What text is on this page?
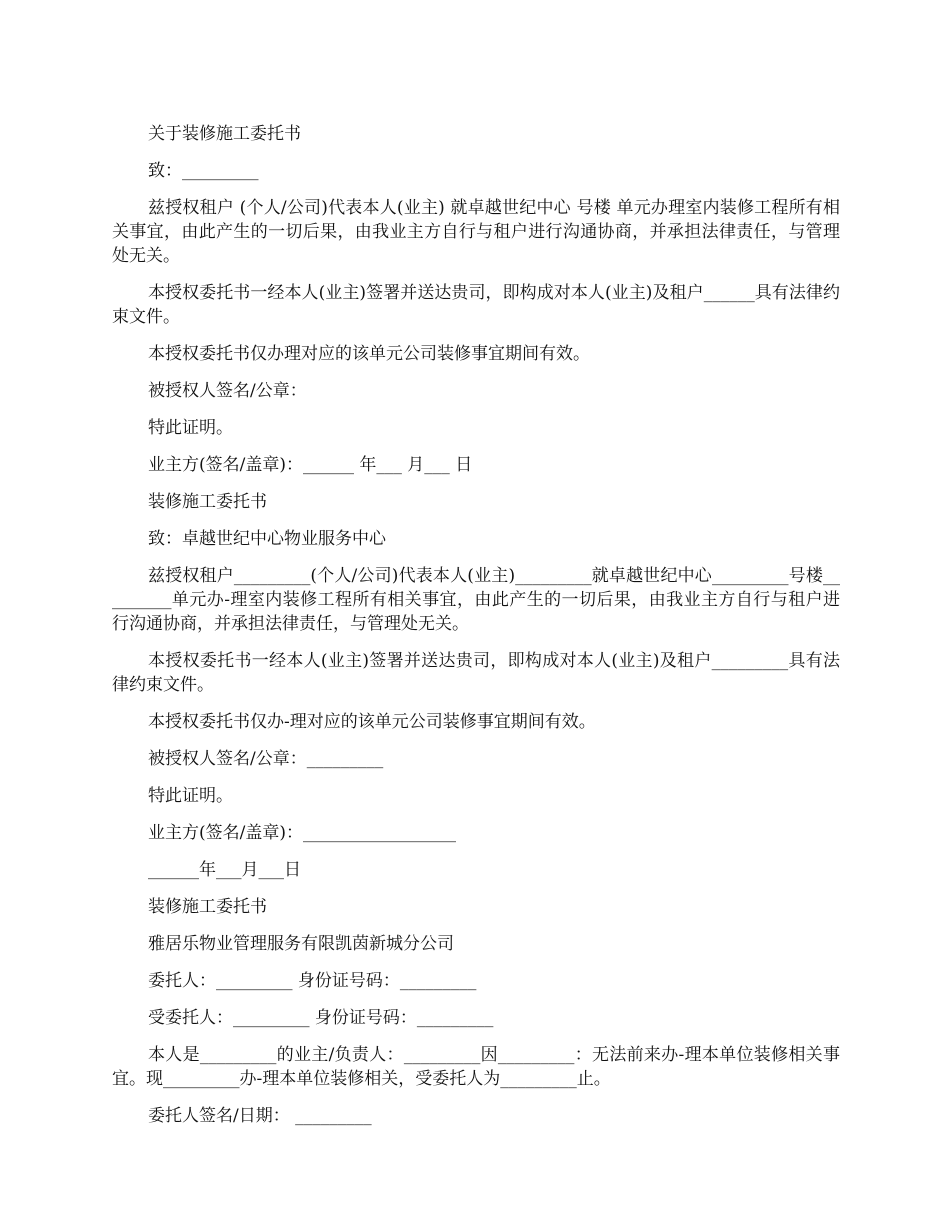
关于装修施工委托书

致：_________

兹授权租户 (个人/公司)代表本人(业主) 就卓越世纪中心 号楼 单元办理室内装修工程所有相关事宜，由此产生的一切后果，由我业主方自行与租户进行沟通协商，并承担法律责任，与管理处无关。

本授权委托书一经本人(业主)签署并送达贵司，即构成对本人(业主)及租户______具有法律约束文件。

本授权委托书仅办理对应的该单元公司装修事宜期间有效。

被授权人签名/公章：

特此证明。

业主方(签名/盖章)：______ 年___ 月___ 日

装修施工委托书

致：卓越世纪中心物业服务中心

兹授权租户_________(个人/公司)代表本人(业主)_________就卓越世纪中心_________号楼_________单元办-理室内装修工程所有相关事宜，由此产生的一切后果，由我业主方自行与租户进行沟通协商，并承担法律责任，与管理处无关。

本授权委托书一经本人(业主)签署并送达贵司，即构成对本人(业主)及租户_________具有法律约束文件。

本授权委托书仅办-理对应的该单元公司装修事宜期间有效。

被授权人签名/公章：_________

特此证明。

业主方(签名/盖章)：__________________

______年___月___日

装修施工委托书

雅居乐物业管理服务有限凯茵新城分公司

委托人：_________ 身份证号码：_________

受委托人：_________ 身份证号码：_________

本人是_________的业主/负责人：_________因_________：无法前来办-理本单位装修相关事宜。现_________办-理本单位装修相关，受委托人为_________止。

委托人签名/日期： _________
